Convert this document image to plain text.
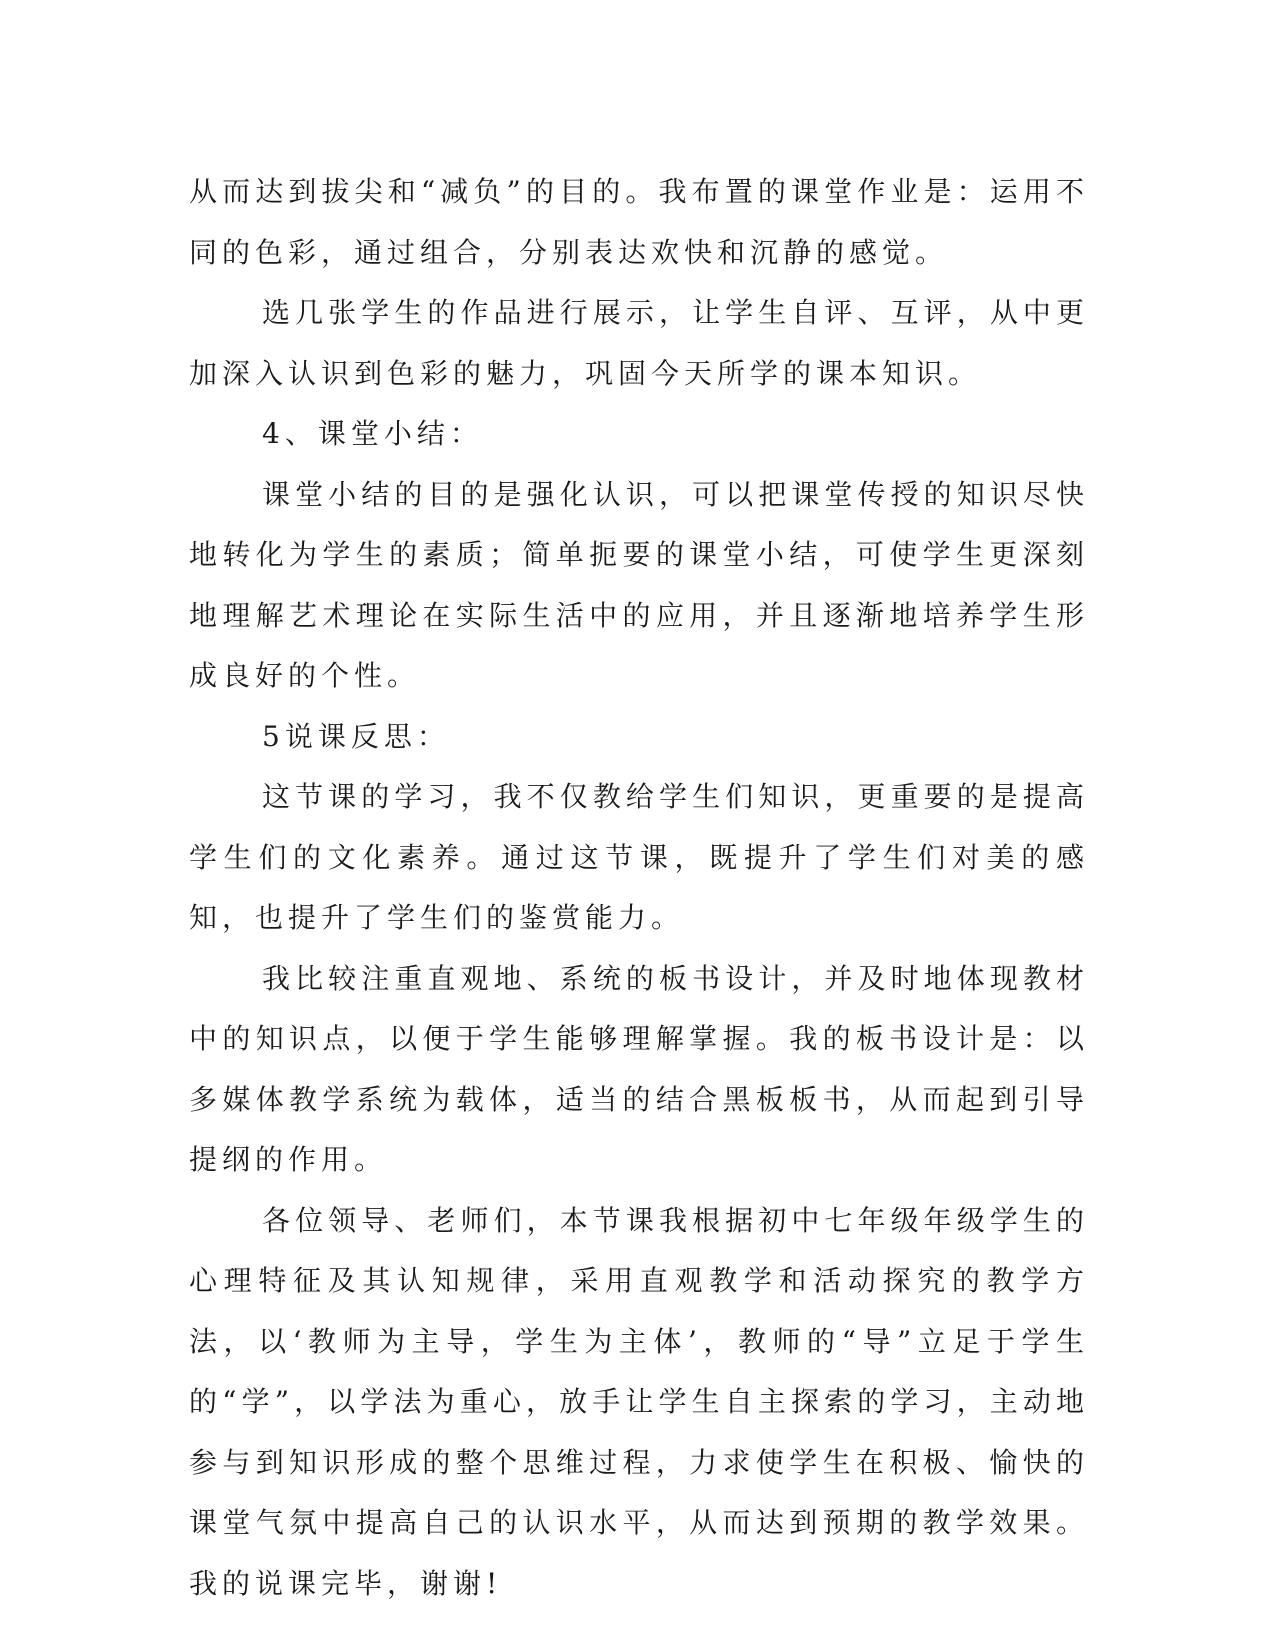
从而达到拔尖和“减负”的目的。我布置的课堂作业是：运用不同的色彩，通过组合，分别表达欢快和沉静的感觉。

选几张学生的作品进行展示，让学生自评、互评，从中更加深入认识到色彩的魅力，巩固今天所学的课本知识。

4、课堂小结：

课堂小结的目的是强化认识，可以把课堂传授的知识尽快地转化为学生的素质；简单扼要的课堂小结，可使学生更深刻地理解艺术理论在实际生活中的应用，并且逐渐地培养学生形成良好的个性。

5说课反思：

这节课的学习，我不仅教给学生们知识，更重要的是提高学生们的文化素养。通过这节课，既提升了学生们对美的感知，也提升了学生们的鉴赏能力。

我比较注重直观地、系统的板书设计，并及时地体现教材中的知识点，以便于学生能够理解掌握。我的板书设计是：以多媒体教学系统为载体，适当的结合黑板板书，从而起到引导提纲的作用。

各位领导、老师们，本节课我根据初中七年级年级学生的心理特征及其认知规律，采用直观教学和活动探究的教学方法，以‘教师为主导，学生为主体’，教师的“导”立足于学生的“学”，以学法为重心，放手让学生自主探索的学习，主动地参与到知识形成的整个思维过程，力求使学生在积极、愉快的课堂气氛中提高自己的认识水平，从而达到预期的教学效果。我的说课完毕，谢谢!
